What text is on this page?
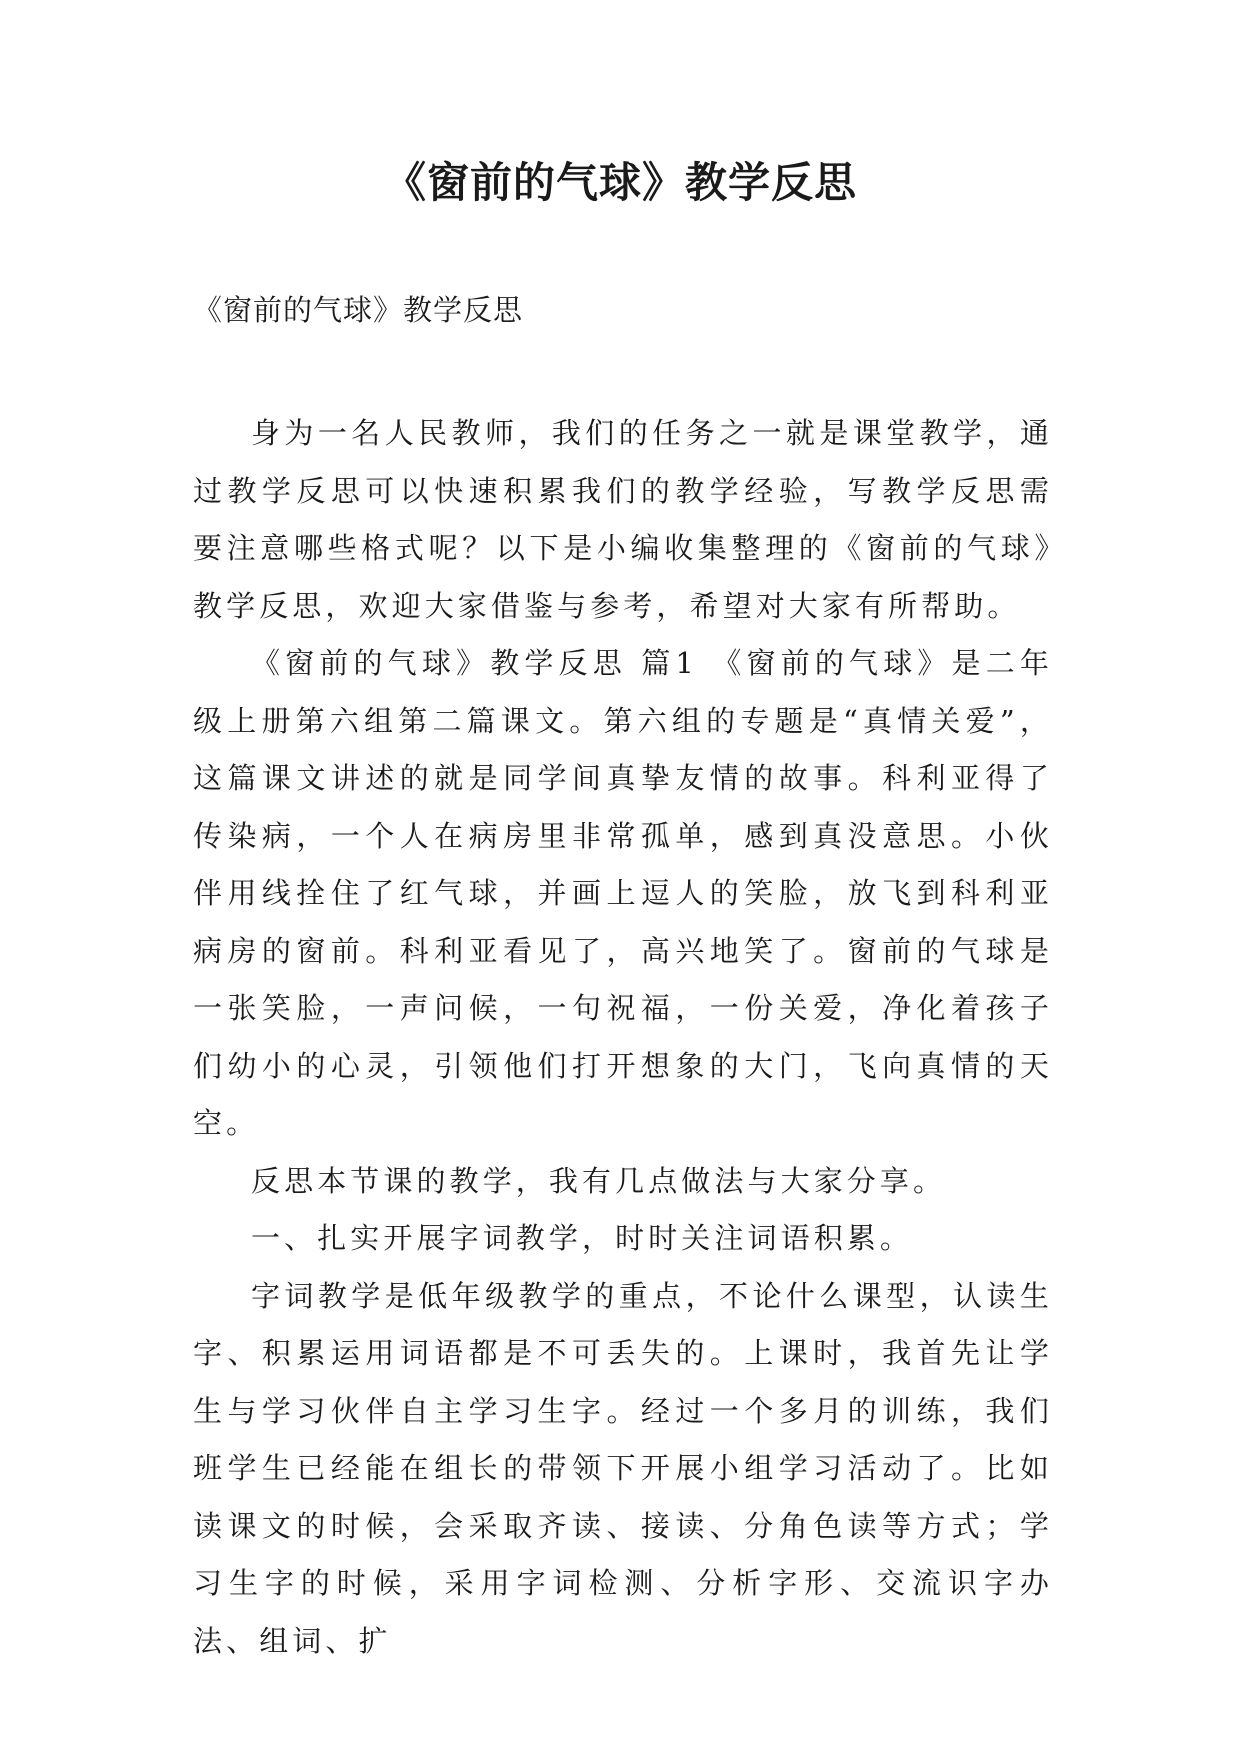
《窗前的气球》教学反思
《窗前的气球》教学反思

身为一名人民教师，我们的任务之一就是课堂教学，通过教学反思可以快速积累我们的教学经验，写教学反思需要注意哪些格式呢？以下是小编收集整理的《窗前的气球》教学反思，欢迎大家借鉴与参考，希望对大家有所帮助。

《窗前的气球》教学反思 篇1 《窗前的气球》是二年级上册第六组第二篇课文。第六组的专题是“真情关爱”，这篇课文讲述的就是同学间真挚友情的故事。科利亚得了传染病，一个人在病房里非常孤单，感到真没意思。小伙伴用线拴住了红气球，并画上逗人的笑脸，放飞到科利亚病房的窗前。科利亚看见了，高兴地笑了。窗前的气球是一张笑脸，一声问候，一句祝福，一份关爱，净化着孩子们幼小的心灵，引领他们打开想象的大门，飞向真情的天空。

反思本节课的教学，我有几点做法与大家分享。

一、扎实开展字词教学，时时关注词语积累。

字词教学是低年级教学的重点，不论什么课型，认读生字、积累运用词语都是不可丢失的。上课时，我首先让学生与学习伙伴自主学习生字。经过一个多月的训练，我们班学生已经能在组长的带领下开展小组学习活动了。比如读课文的时候，会采取齐读、接读、分角色读等方式；学习生字的时候，采用字词检测、分析字形、交流识字办法、组词、扩
